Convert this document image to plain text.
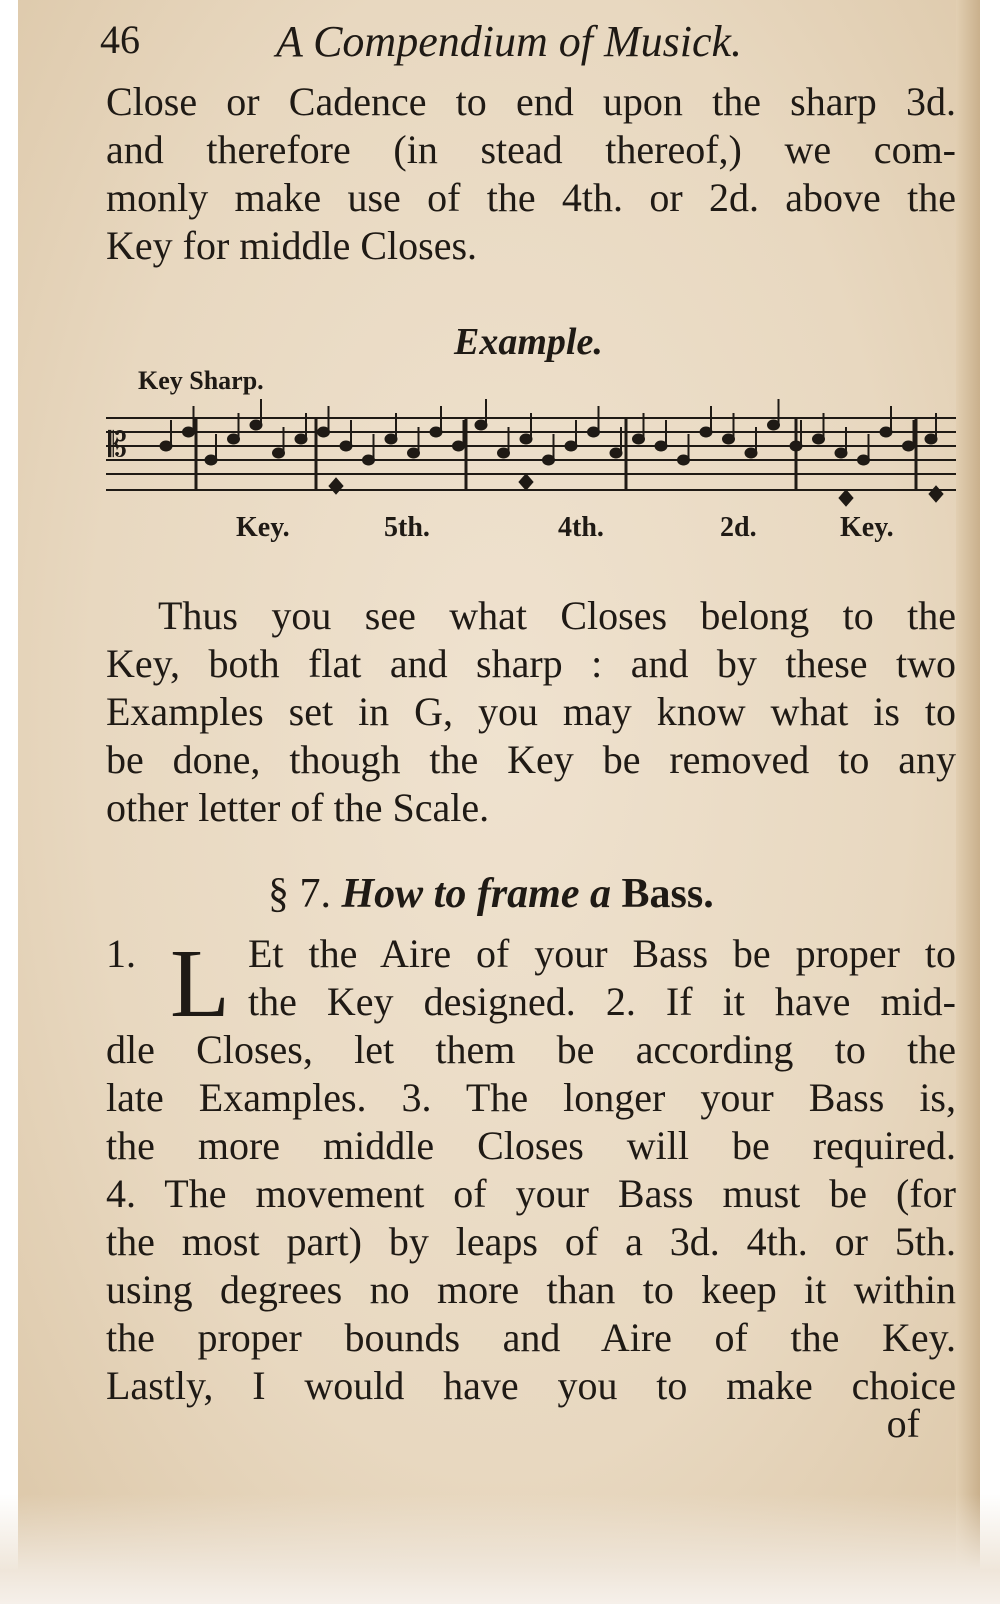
46	A Compendium of Musick.
Close or Cadence to end upon the sharp 3d.
and therefore (in stead thereof,) we com-
monly make use of the 4th. or 2d. above the
Key for middle Closes.
Example.
Key Sharp.
𝄡
Key.	5th.	4th.	2d.	Key.
Thus you see what Closes belong to the
Key, both flat and sharp : and by these two
Examples set in G, you may know what is to
be done, though the Key be removed to any
other letter of the Scale.
§ 7. How to frame a Bass.
1. L Et the Aire of your Bass be proper to
the Key designed. 2. If it have mid-
dle Closes, let them be according to the
late Examples. 3. The longer your Bass is,
the more middle Closes will be required.
4. The movement of your Bass must be (for
the most part) by leaps of a 3d. 4th. or 5th.
using degrees no more than to keep it within
the proper bounds and Aire of the Key.
Lastly, I would have you to make choice
of
